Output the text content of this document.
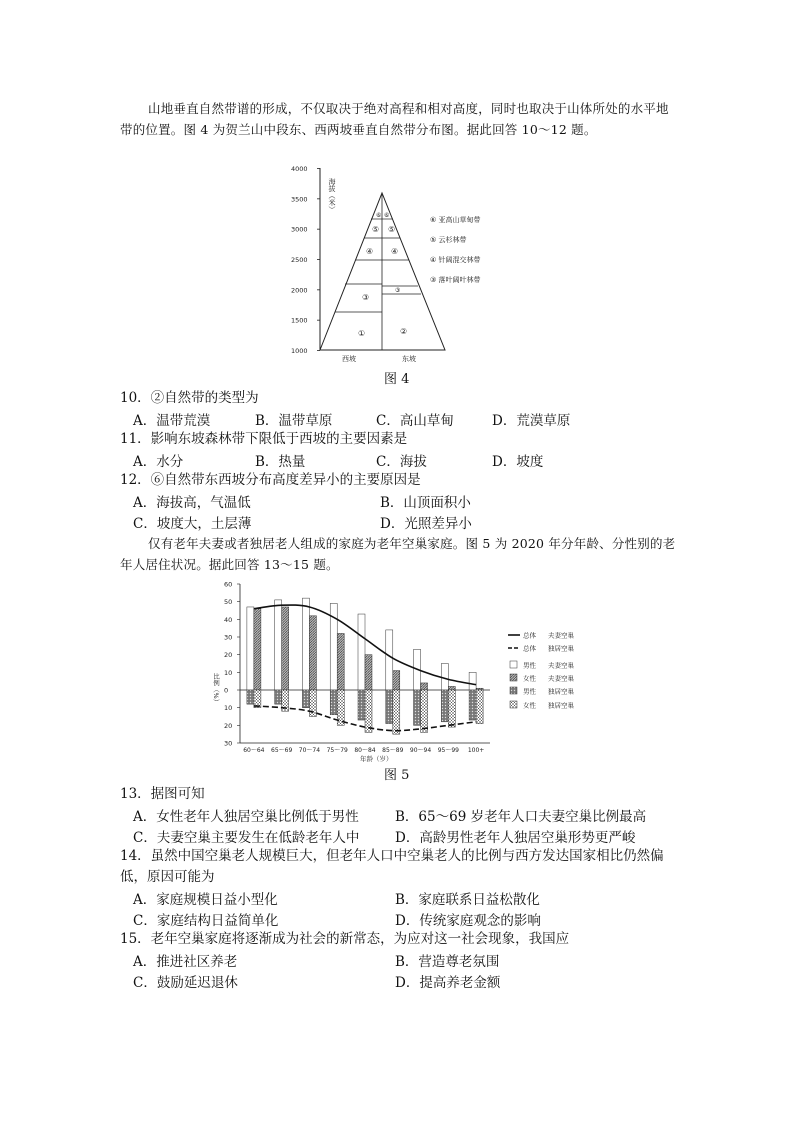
山地垂直自然带谱的形成，不仅取决于绝对高程和相对高度，同时也取决于山体所处的水平地带的位置。图 4 为贺兰山中段东、西两坡垂直自然带分布图。据此回答 10～12 题。
4000
3500
3000
2500
2000
1500
1000
海拔（米）
⑤
④
③
①
⑤
④
②
⑥ ⑥
③
西坡	东坡
⑥ 亚高山草甸带
⑤ 云杉林带
④ 针阔混交林带
③ 落叶阔叶林带
图 4
10．②自然带的类型为
A．温带荒漠	B．温带草原	C．高山草甸	D．荒漠草原
11．影响东坡森林带下限低于西坡的主要因素是
A．水分	B．热量	C．海拔	D．坡度
12．⑥自然带东西坡分布高度差异小的主要原因是
A．海拔高，气温低	B．山顶面积小
C．坡度大，土层薄	D．光照差异小
仅有老年夫妻或者独居老人组成的家庭为老年空巢家庭。图 5 为 2020 年分年龄、分性别的老年人居住状况。据此回答 13～15 题。
60
50
40
30
20
10
0
10
20
30
60～64 65～69 70～74 75～79 80～84 85～89 90～94 95～99 100+
总体 夫妻空巢
总体 独居空巢
男性 夫妻空巢
女性 夫妻空巢
男性 独居空巢
女性 独居空巢
比例（%）
年龄（岁）
图 5
13．据图可知
A．女性老年人独居空巢比例低于男性	B．65～69 岁老年人口夫妻空巢比例最高
C．夫妻空巢主要发生在低龄老年人中	D．高龄男性老年人独居空巢形势更严峻
14．虽然中国空巢老人规模巨大，但老年人口中空巢老人的比例与西方发达国家相比仍然偏低，原因可能为
A．家庭规模日益小型化	B．家庭联系日益松散化
C．家庭结构日益简单化	D．传统家庭观念的影响
15．老年空巢家庭将逐渐成为社会的新常态，为应对这一社会现象，我国应
A．推进社区养老	B．营造尊老氛围
C．鼓励延迟退休	D．提高养老金额
